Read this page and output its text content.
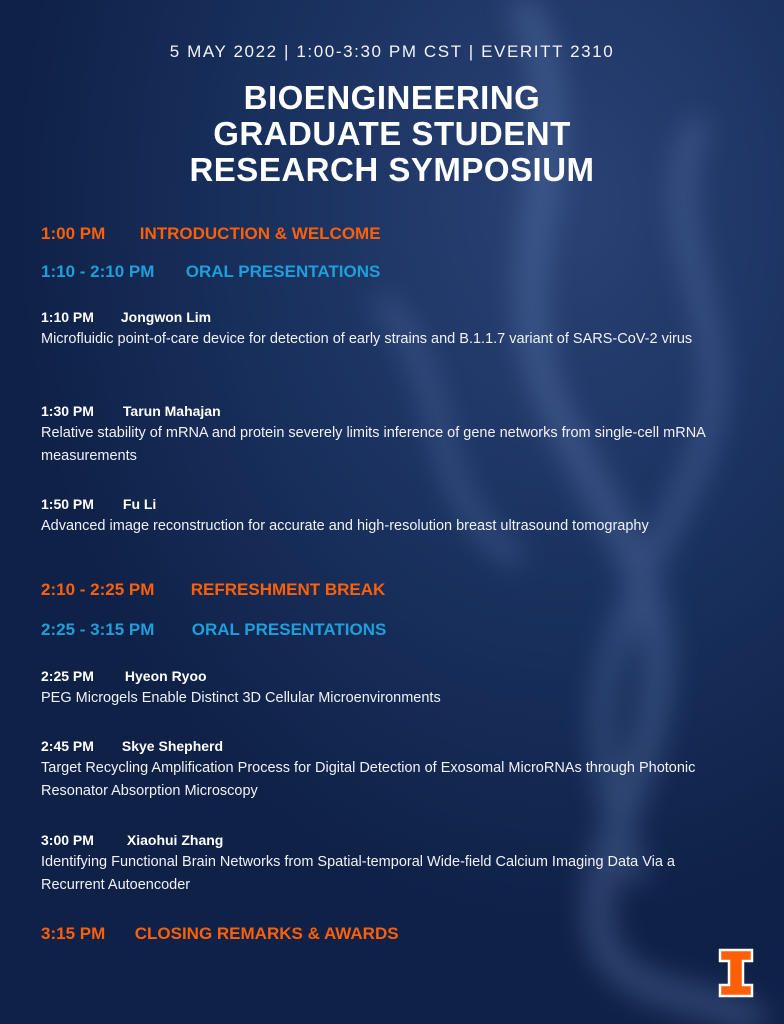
5 MAY 2022 | 1:00-3:30 PM CST | EVERITT 2310
BIOENGINEERING
GRADUATE STUDENT
RESEARCH SYMPOSIUM
1:00 PM INTRODUCTION & WELCOME
1:10 - 2:10 PM ORAL PRESENTATIONS
1:10 PM Jongwon Lim
Microfluidic point-of-care device for detection of early strains and B.1.1.7 variant of SARS-CoV-2 virus
1:30 PM Tarun Mahajan
Relative stability of mRNA and protein severely limits inference of gene networks from single-cell mRNA measurements
1:50 PM Fu Li
Advanced image reconstruction for accurate and high-resolution breast ultrasound tomography
2:10 - 2:25 PM REFRESHMENT BREAK
2:25 - 3:15 PM ORAL PRESENTATIONS
2:25 PM Hyeon Ryoo
PEG Microgels Enable Distinct 3D Cellular Microenvironments
2:45 PM Skye Shepherd
Target Recycling Amplification Process for Digital Detection of Exosomal MicroRNAs through Photonic Resonator Absorption Microscopy
3:00 PM Xiaohui Zhang
Identifying Functional Brain Networks from Spatial-temporal Wide-field Calcium Imaging Data Via a Recurrent Autoencoder
3:15 PM CLOSING REMARKS & AWARDS
